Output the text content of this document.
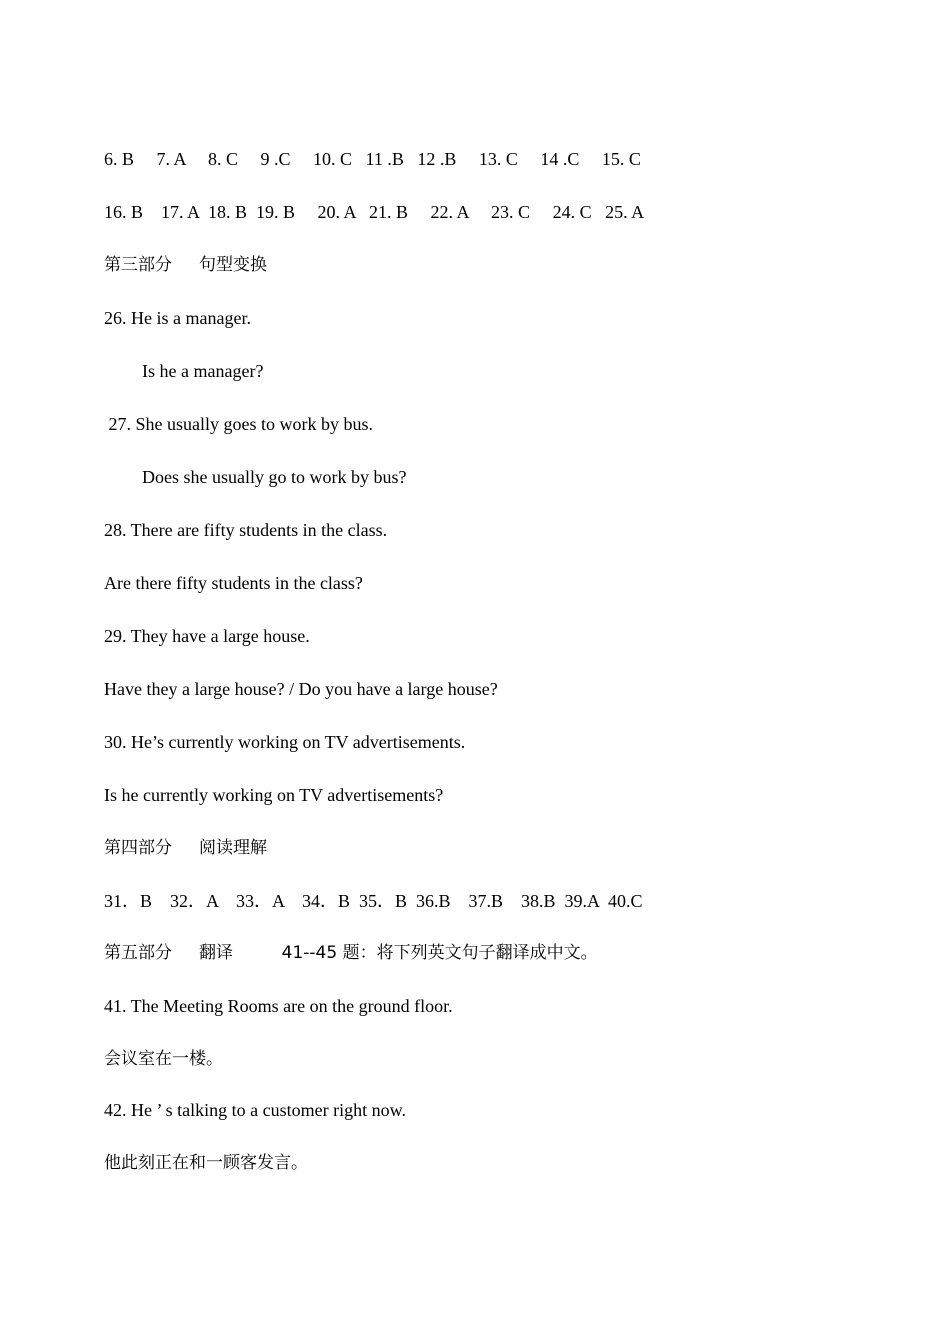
6. B     7. A     8. C     9 .C     10. C   11 .B   12 .B     13. C     14 .C     15. C
16. B    17. A  18. B  19. B     20. A   21. B     22. A     23. C     24. C   25. A
第三部分     句型变换
26. He is a manager.
Is he a manager?
27. She usually goes to work by bus.
Does she usually go to work by bus?
28. There are fifty students in the class.
Are there fifty students in the class?
29. They have a large house.
Have they a large house? / Do you have a large house?
30. He’s currently working on TV advertisements.
Is he currently working on TV advertisements?
第四部分     阅读理解
31．B    32．A    33．A    34．B  35．B  36.B    37.B    38.B  39.A  40.C
第五部分     翻译         41--45 题：将下列英文句子翻译成中文。
41. The Meeting Rooms are on the ground floor.
会议室在一楼。
42. He ’ s talking to a customer right now.
他此刻正在和一顾客发言。
